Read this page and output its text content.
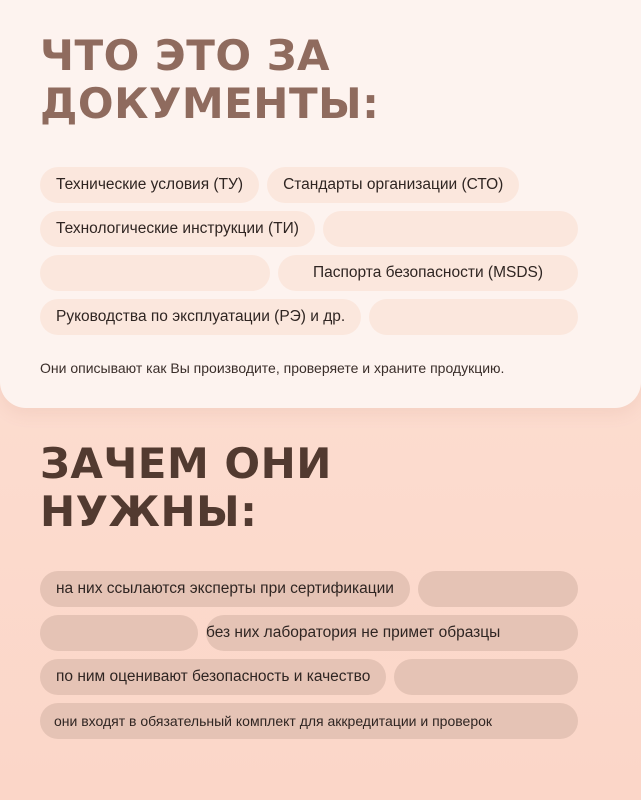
ЧТО ЭТО ЗА
ДОКУМЕНТЫ:
Технические условия (ТУ)	Стандарты организации (СТО)
Технологические инструкции (ТИ)
Паспорта безопасности (MSDS)
Руководства по эксплуатации (РЭ) и др.

Они описывают как Вы производите, проверяете и храните продукцию.

ЗАЧЕМ ОНИ
НУЖНЫ:
на них ссылаются эксперты при сертификации
без них лаборатория не примет образцы
по ним оценивают безопасность и качество
они входят в обязательный комплект для аккредитации и проверок
